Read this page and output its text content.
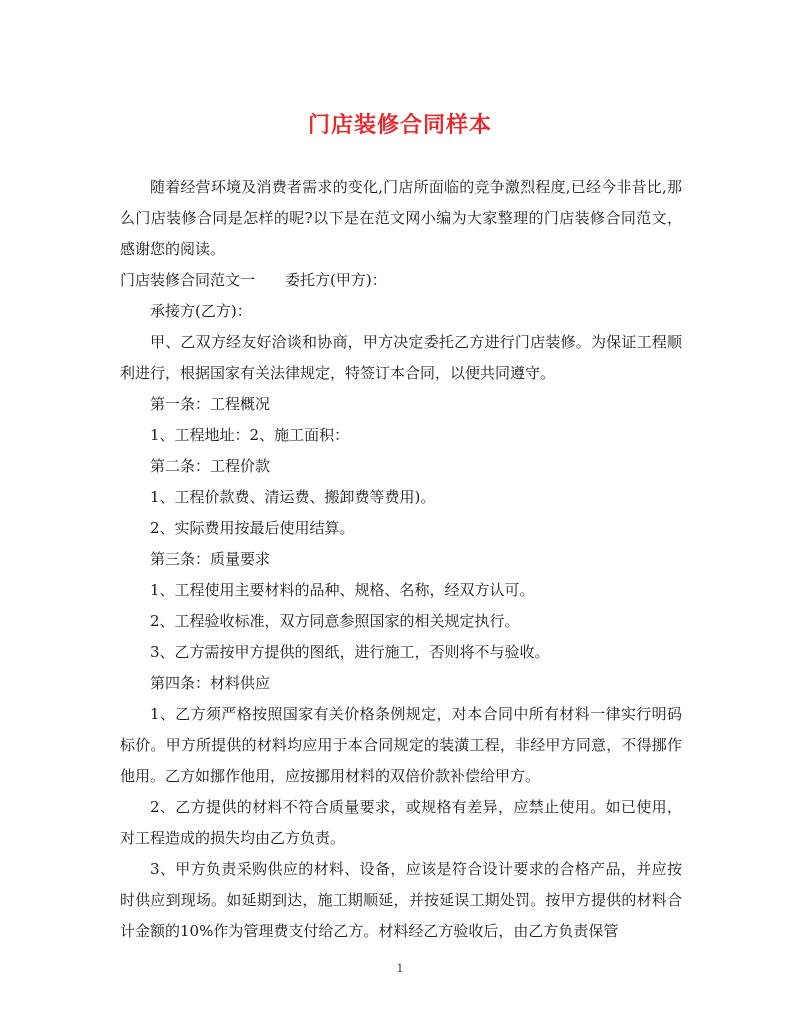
门店装修合同样本

随着经营环境及消费者需求的变化,门店所面临的竞争激烈程度,已经今非昔比,那么门店装修合同是怎样的呢?以下是在范文网小编为大家整理的门店装修合同范文，感谢您的阅读。

门店装修合同范文一 委托方(甲方)：

承接方(乙方)：

甲、乙双方经友好洽谈和协商，甲方决定委托乙方进行门店装修。为保证工程顺利进行，根据国家有关法律规定，特签订本合同，以便共同遵守。

第一条：工程概况

1、工程地址：2、施工面积：

第二条：工程价款

1、工程价款费、清运费、搬卸费等费用)。

2、实际费用按最后使用结算。

第三条：质量要求

1、工程使用主要材料的品种、规格、名称，经双方认可。

2、工程验收标准，双方同意参照国家的相关规定执行。

3、乙方需按甲方提供的图纸，进行施工，否则将不与验收。

第四条：材料供应

1、乙方须严格按照国家有关价格条例规定，对本合同中所有材料一律实行明码标价。甲方所提供的材料均应用于本合同规定的装潢工程，非经甲方同意，不得挪作他用。乙方如挪作他用，应按挪用材料的双倍价款补偿给甲方。

2、乙方提供的材料不符合质量要求，或规格有差异，应禁止使用。如已使用，对工程造成的损失均由乙方负责。

3、甲方负责采购供应的材料、设备，应该是符合设计要求的合格产品，并应按时供应到现场。如延期到达，施工期顺延，并按延误工期处罚。按甲方提供的材料合计金额的10%作为管理费支付给乙方。材料经乙方验收后，由乙方负责保管

1
